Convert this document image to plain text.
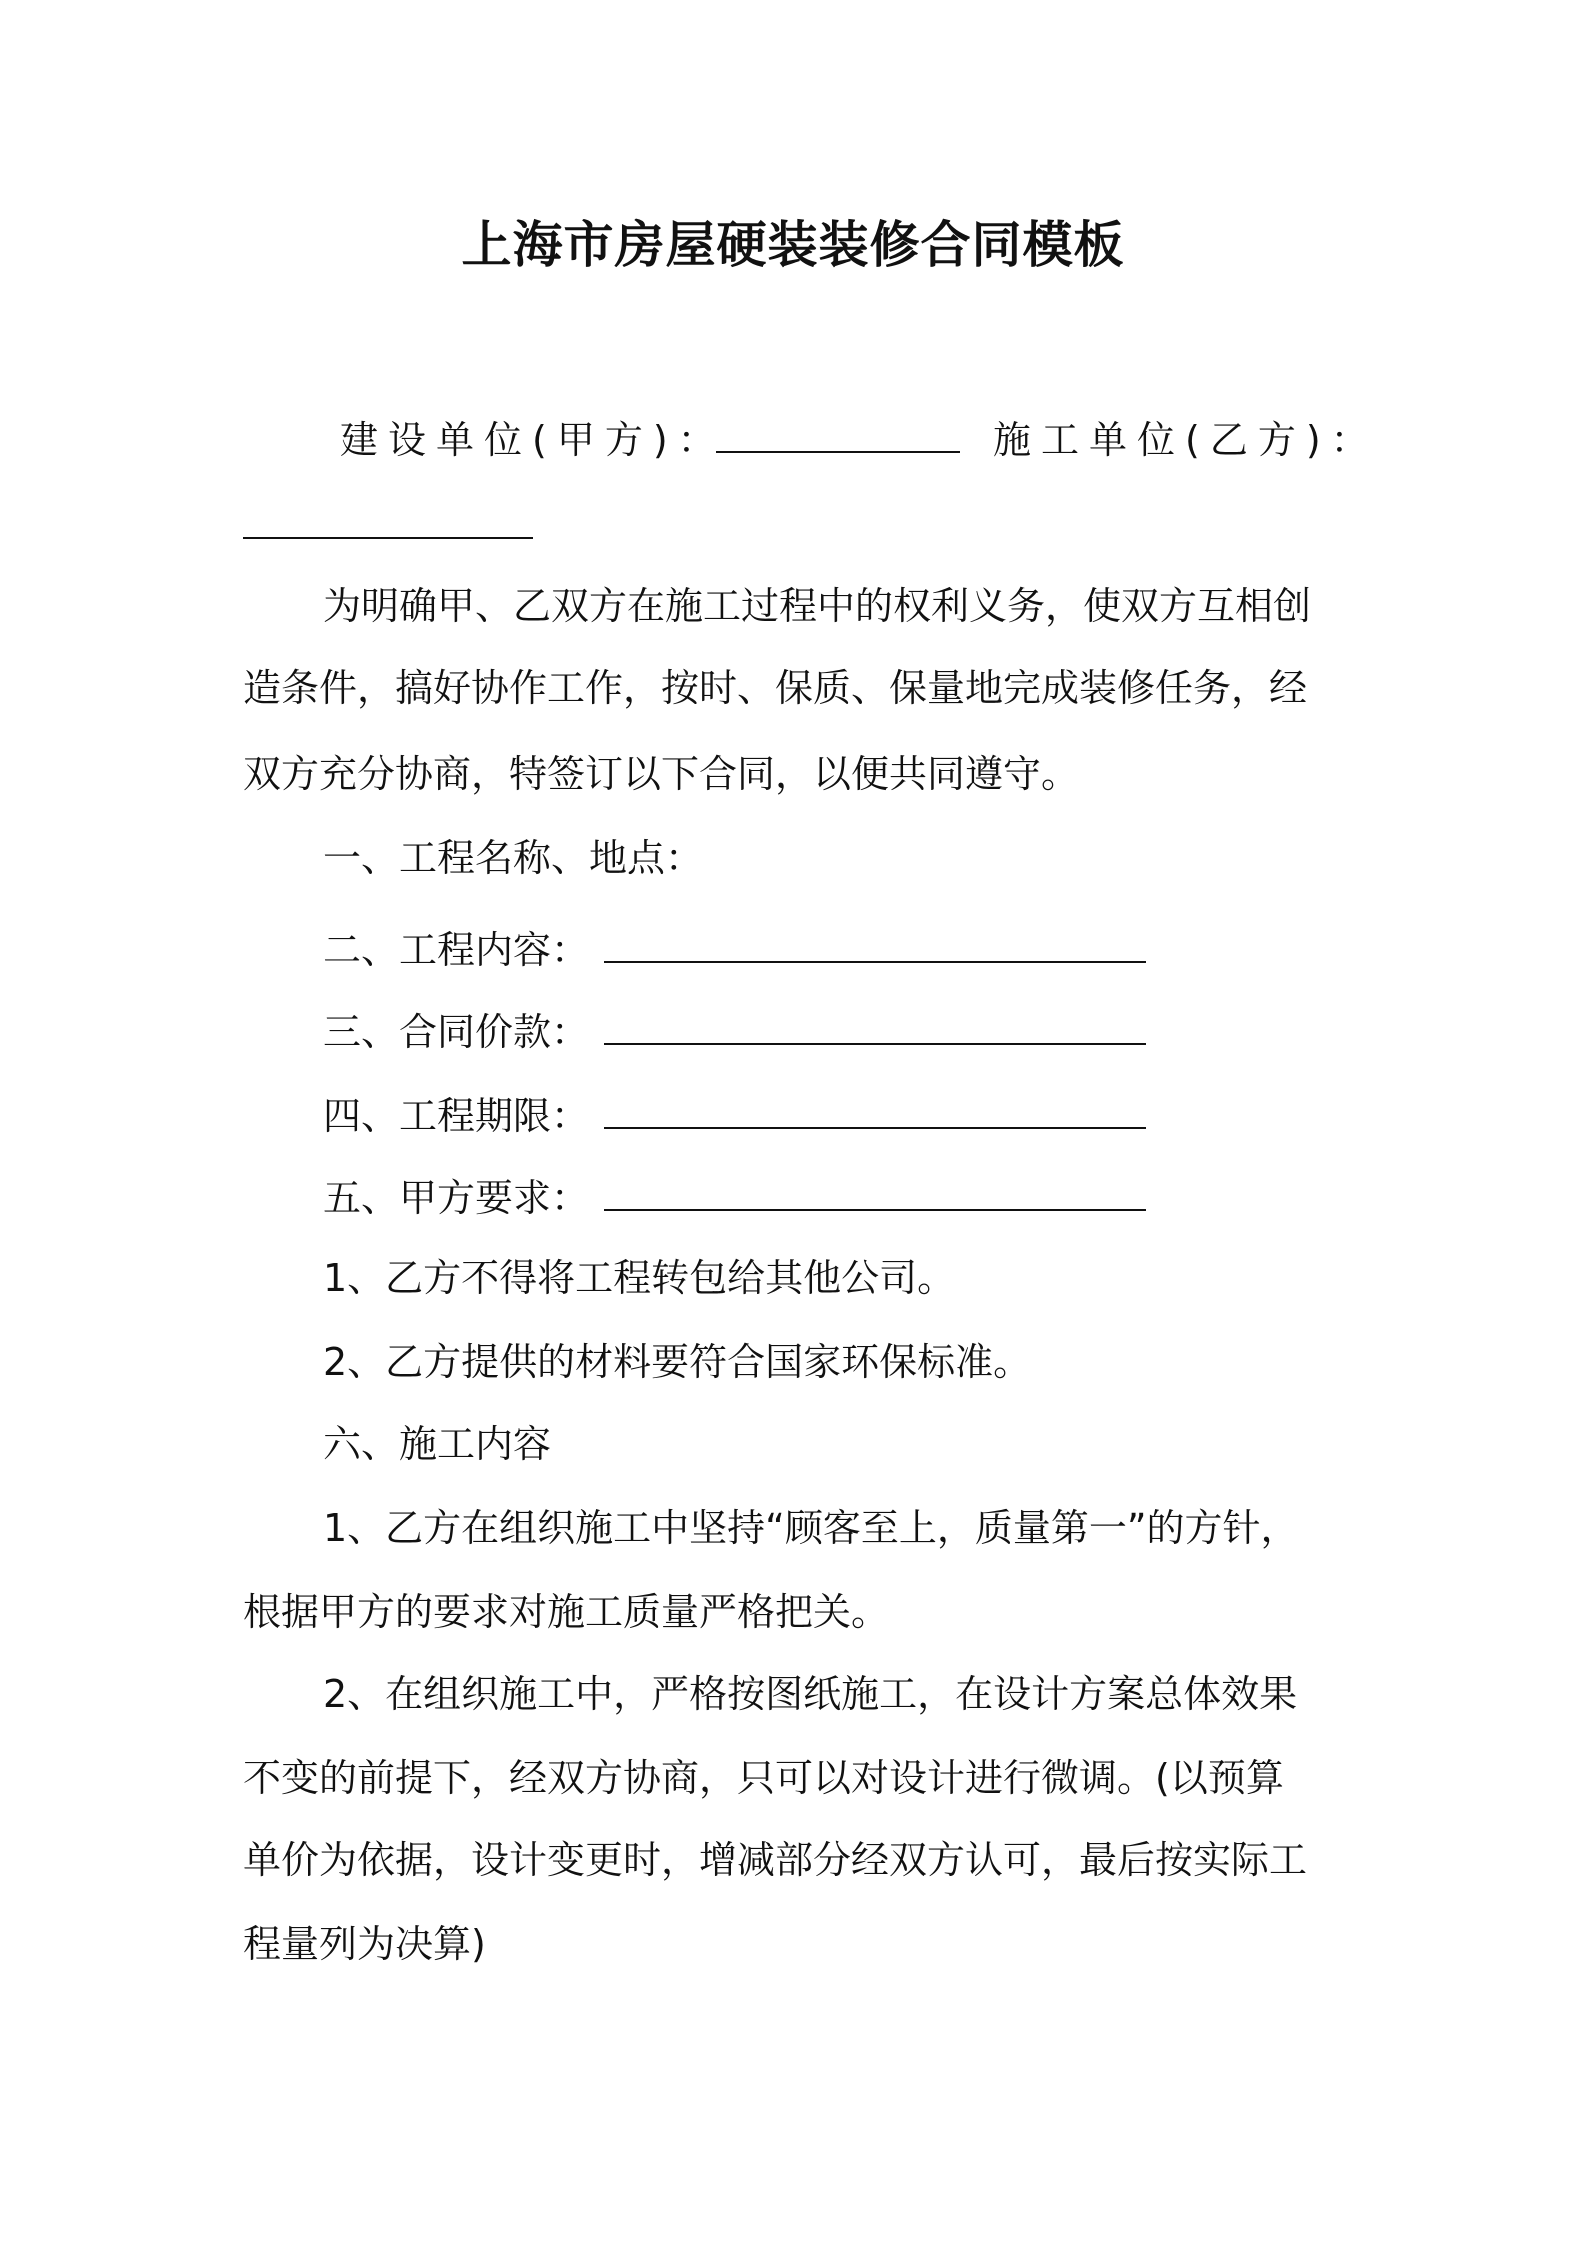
上海市房屋硬装装修合同模板
建设单位(甲方)：	施工单位(乙方)：
为明确甲、乙双方在施工过程中的权利义务，使双方互相创
造条件，搞好协作工作，按时、保质、保量地完成装修任务，经
双方充分协商，特签订以下合同，以便共同遵守。
一、工程名称、地点：
二、工程内容：
三、合同价款：
四、工程期限：
五、甲方要求：
1、乙方不得将工程转包给其他公司。
2、乙方提供的材料要符合国家环保标准。
六、施工内容
1、乙方在组织施工中坚持“顾客至上，质量第一”的方针，
根据甲方的要求对施工质量严格把关。
2、在组织施工中，严格按图纸施工，在设计方案总体效果
不变的前提下，经双方协商，只可以对设计进行微调。(以预算
单价为依据，设计变更时，增减部分经双方认可，最后按实际工
程量列为决算)
